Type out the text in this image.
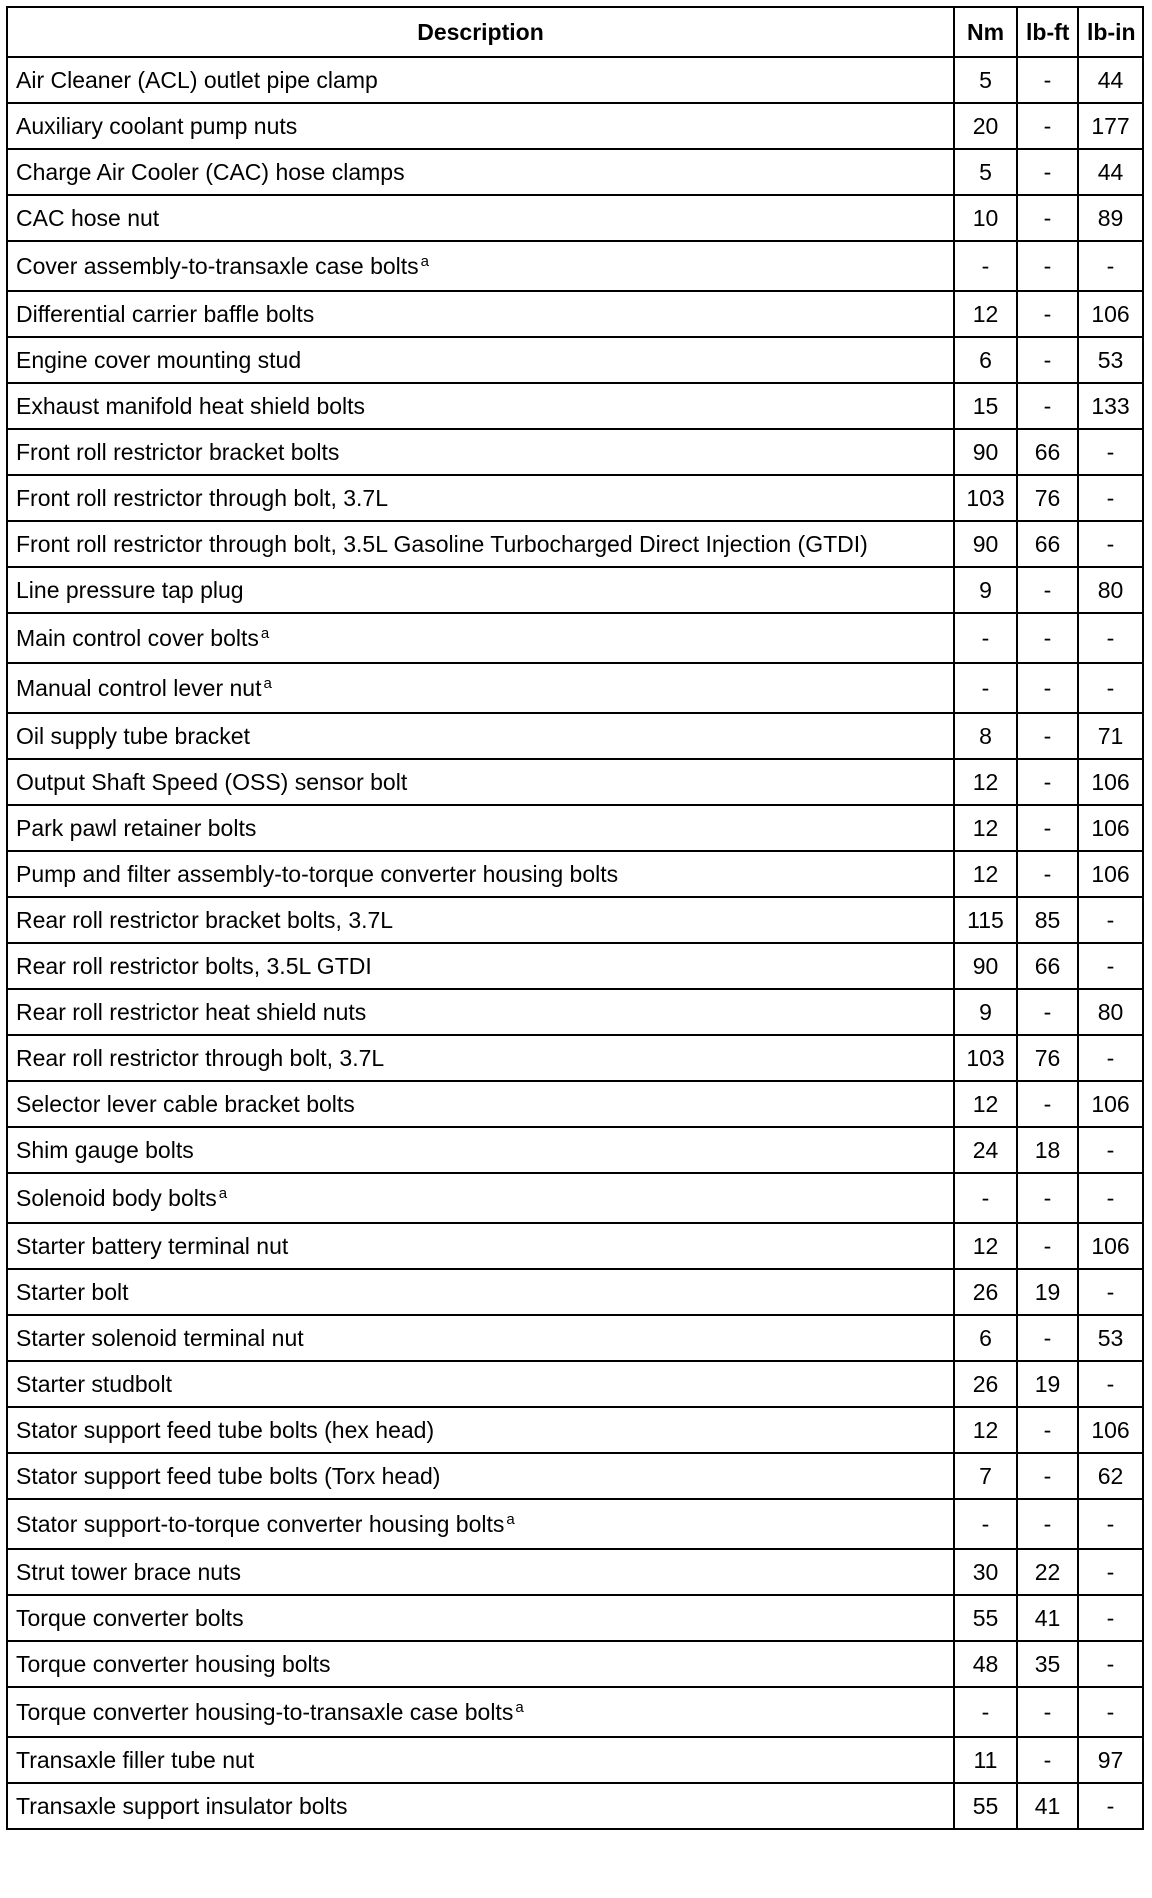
Description	Nm	lb-ft	lb-in
Air Cleaner (ACL) outlet pipe clamp	5	-	44
Auxiliary coolant pump nuts	20	-	177
Charge Air Cooler (CAC) hose clamps	5	-	44
CAC hose nut	10	-	89
Cover assembly-to-transaxle case bolts $^a$	-	-	-
Differential carrier baffle bolts	12	-	106
Engine cover mounting stud	6	-	53
Exhaust manifold heat shield bolts	15	-	133
Front roll restrictor bracket bolts	90	66	-
Front roll restrictor through bolt, 3.7L	103	76	-
Front roll restrictor through bolt, 3.5L Gasoline Turbocharged Direct Injection (GTDI)	90	66	-
Line pressure tap plug	9	-	80
Main control cover bolts $^a$	-	-	-
Manual control lever nut $^a$	-	-	-
Oil supply tube bracket	8	-	71
Output Shaft Speed (OSS) sensor bolt	12	-	106
Park pawl retainer bolts	12	-	106
Pump and filter assembly-to-torque converter housing bolts	12	-	106
Rear roll restrictor bracket bolts, 3.7L	115	85	-
Rear roll restrictor bolts, 3.5L GTDI	90	66	-
Rear roll restrictor heat shield nuts	9	-	80
Rear roll restrictor through bolt, 3.7L	103	76	-
Selector lever cable bracket bolts	12	-	106
Shim gauge bolts	24	18	-
Solenoid body bolts $^a$	-	-	-
Starter battery terminal nut	12	-	106
Starter bolt	26	19	-
Starter solenoid terminal nut	6	-	53
Starter studbolt	26	19	-
Stator support feed tube bolts (hex head)	12	-	106
Stator support feed tube bolts (Torx head)	7	-	62
Stator support-to-torque converter housing bolts $^a$	-	-	-
Strut tower brace nuts	30	22	-
Torque converter bolts	55	41	-
Torque converter housing bolts	48	35	-
Torque converter housing-to-transaxle case bolts $^a$	-	-	-
Transaxle filler tube nut	11	-	97
Transaxle support insulator bolts	55	41	-
